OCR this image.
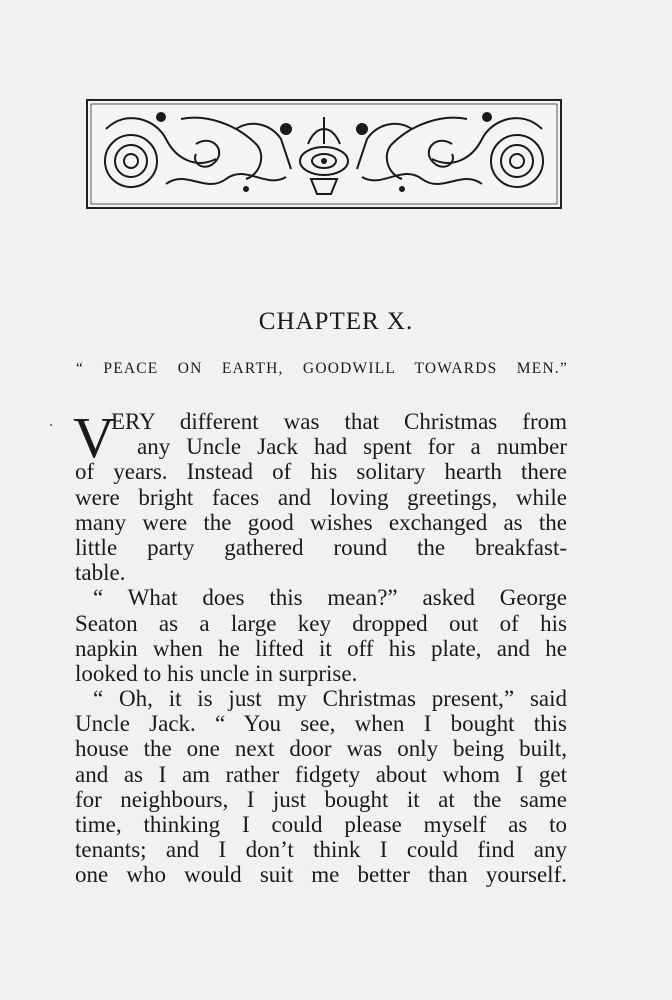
CHAPTER X.
“ PEACE ON EARTH, GOODWILL TOWARDS MEN.”
V
ERY different was that Christmas from
any Uncle Jack had spent for a number
of years. Instead of his solitary hearth there
were bright faces and loving greetings, while
many were the good wishes exchanged as the
little party gathered round the breakfast-
table.
“ What does this mean?” asked George
Seaton as a large key dropped out of his
napkin when he lifted it off his plate, and he
looked to his uncle in surprise.
“ Oh, it is just my Christmas present,” said
Uncle Jack. “ You see, when I bought this
house the one next door was only being built,
and as I am rather fidgety about whom I get
for neighbours, I just bought it at the same
time, thinking I could please myself as to
tenants; and I don’t think I could find any
one who would suit me better than yourself.
